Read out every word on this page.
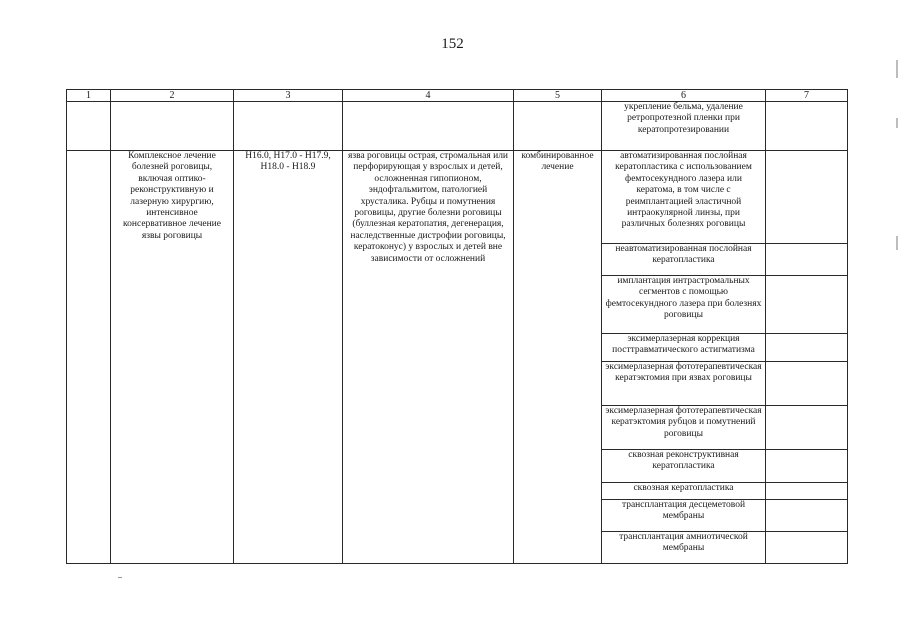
152
1	2	3	4	5	6	7
					укрепление бельма, удаление ретропротезной пленки при кератопротезировании	
	Комплексное лечение болезней роговицы, включая оптико-реконструктивную и лазерную хирургию, интенсивное консервативное лечение язвы роговицы	H16.0, H17.0 - H17.9, H18.0 - H18.9	язва роговицы острая, стромальная или перфорирующая у взрослых и детей, осложненная гипопионом, эндофтальмитом, патологией хрусталика. Рубцы и помутнения роговицы, другие болезни роговицы (буллезная кератопатия, дегенерация, наследственные дистрофии роговицы, кератоконус) у взрослых и детей вне зависимости от осложнений	комбинированное лечение	автоматизированная послойная кератопластика с использованием фемтосекундного лазера или кератома, в том числе с реимплантацией эластичной интраокулярной линзы, при различных болезнях роговицы	
					неавтоматизированная послойная кератопластика	
					имплантация интрастромальных сегментов с помощью фемтосекундного лазера при болезнях роговицы	
					эксимерлазерная коррекция посттравматического астигматизма	
					эксимерлазерная фототерапевтическая кератэктомия при язвах роговицы	
					эксимерлазерная фототерапевтическая кератэктомия рубцов и помутнений роговицы	
					сквозная реконструктивная кератопластика	
					сквозная кератопластика	
					трансплантация десцеметовой мембраны	
					трансплантация амниотической мембраны	
